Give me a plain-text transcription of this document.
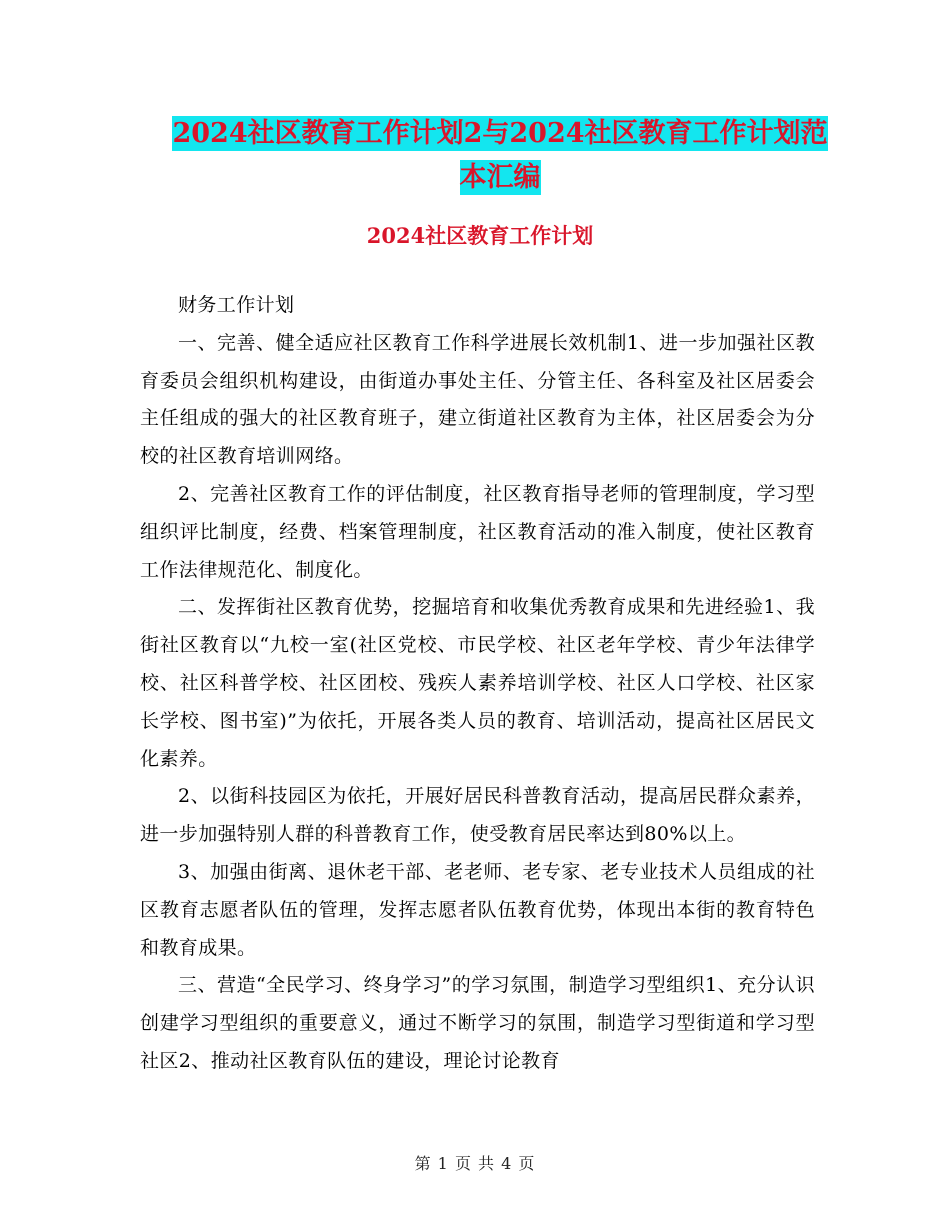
2024社区教育工作计划2与2024社区教育工作计划范
本汇编
2024社区教育工作计划

财务工作计划

一、完善、健全适应社区教育工作科学进展长效机制1、进一步加强社区教育委员会组织机构建设，由街道办事处主任、分管主任、各科室及社区居委会主任组成的强大的社区教育班子，建立街道社区教育为主体，社区居委会为分校的社区教育培训网络。

2、完善社区教育工作的评估制度，社区教育指导老师的管理制度，学习型组织评比制度，经费、档案管理制度，社区教育活动的准入制度，使社区教育工作法律规范化、制度化。

二、发挥街社区教育优势，挖掘培育和收集优秀教育成果和先进经验1、我街社区教育以“九校一室(社区党校、市民学校、社区老年学校、青少年法律学校、社区科普学校、社区团校、残疾人素养培训学校、社区人口学校、社区家长学校、图书室)”为依托，开展各类人员的教育、培训活动，提高社区居民文化素养。

2、以街科技园区为依托，开展好居民科普教育活动，提高居民群众素养，进一步加强特别人群的科普教育工作，使受教育居民率达到80%以上。

3、加强由街离、退休老干部、老老师、老专家、老专业技术人员组成的社区教育志愿者队伍的管理，发挥志愿者队伍教育优势，体现出本街的教育特色和教育成果。

三、营造“全民学习、终身学习”的学习氛围，制造学习型组织1、充分认识创建学习型组织的重要意义，通过不断学习的氛围，制造学习型街道和学习型社区2、推动社区教育队伍的建设，理论讨论教育

第 1 页 共 4 页
